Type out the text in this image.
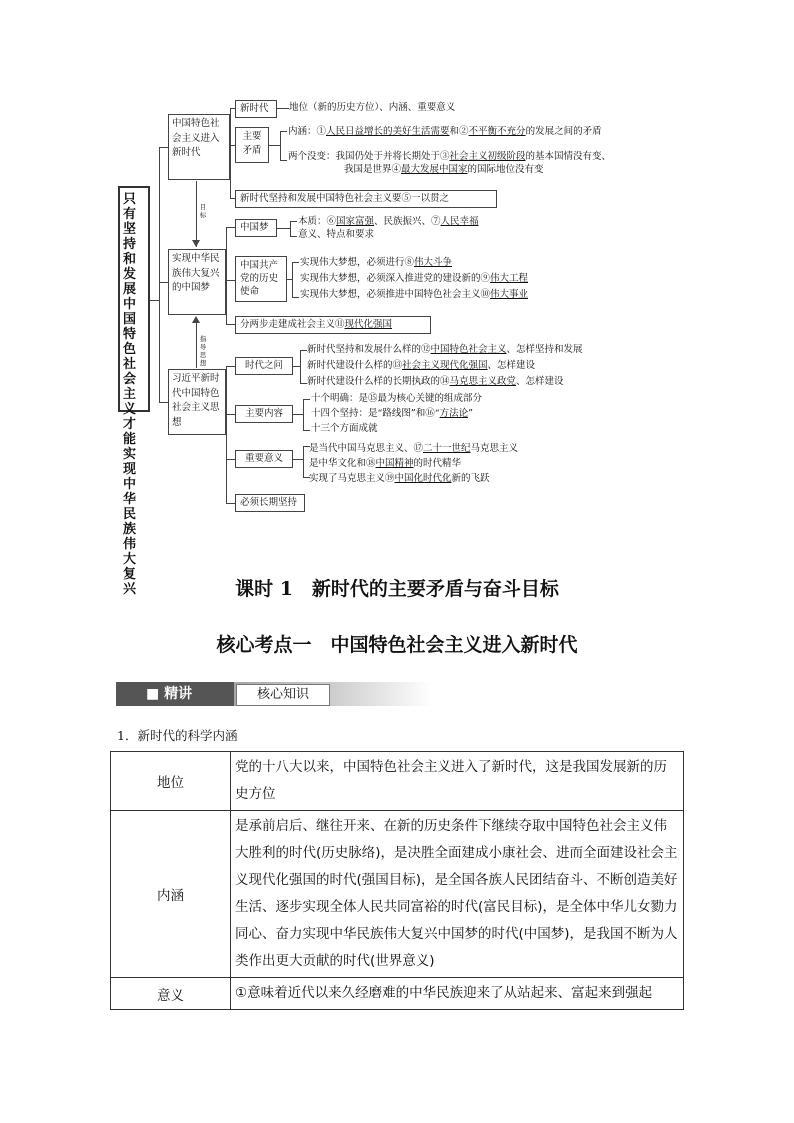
只有坚持和发展中国特色社会主义才能实现中华民族伟大复兴
中国特色社会主义进入新时代
实现中华民族伟大复兴的中国梦
习近平新时代中国特色社会主义思想
目标
指导思想
新时代	地位（新的历史方位）、内涵、重要意义
主要矛盾
内涵：①人民日益增长的美好生活需要和②不平衡不充分的发展之间的矛盾
两个没变：我国仍处于并将长期处于③社会主义初级阶段的基本国情没有变、
我国是世界④最大发展中国家的国际地位没有变
新时代坚持和发展中国特色社会主义要⑤一以贯之
中国梦
本质：⑥国家富强、民族振兴、⑦人民幸福
意义、特点和要求
中国共产党的历史使命
实现伟大梦想，必须进行⑧伟大斗争
实现伟大梦想，必须深入推进党的建设新的⑨伟大工程
实现伟大梦想，必须推进中国特色社会主义⑩伟大事业
分两步走建成社会主义⑪现代化强国
时代之问
新时代坚持和发展什么样的⑫中国特色社会主义、怎样坚持和发展
新时代建设什么样的⑬社会主义现代化强国、怎样建设
新时代建设什么样的长期执政的⑭马克思主义政党、怎样建设
主要内容
十个明确：是⑮最为核心关键的组成部分
十四个坚持：是“路线图”和⑯“方法论”
十三个方面成就
重要意义
是当代中国马克思主义、⑰二十一世纪马克思主义
是中华文化和⑱中国精神的时代精华
实现了马克思主义⑲中国化时代化新的飞跃
必须长期坚持
课时 1　新时代的主要矛盾与奋斗目标
核心考点一　中国特色社会主义进入新时代
■ 精讲	核心知识
1．新时代的科学内涵
地位	党的十八大以来，中国特色社会主义进入了新时代，这是我国发展新的历史方位
内涵	是承前启后、继往开来、在新的历史条件下继续夺取中国特色社会主义伟大胜利的时代(历史脉络)，是决胜全面建成小康社会、进而全面建设社会主义现代化强国的时代(强国目标)，是全国各族人民团结奋斗、不断创造美好生活、逐步实现全体人民共同富裕的时代(富民目标)，是全体中华儿女勠力同心、奋力实现中华民族伟大复兴中国梦的时代(中国梦)，是我国不断为人类作出更大贡献的时代(世界意义)
意义	①意味着近代以来久经磨难的中华民族迎来了从站起来、富起来到强起
